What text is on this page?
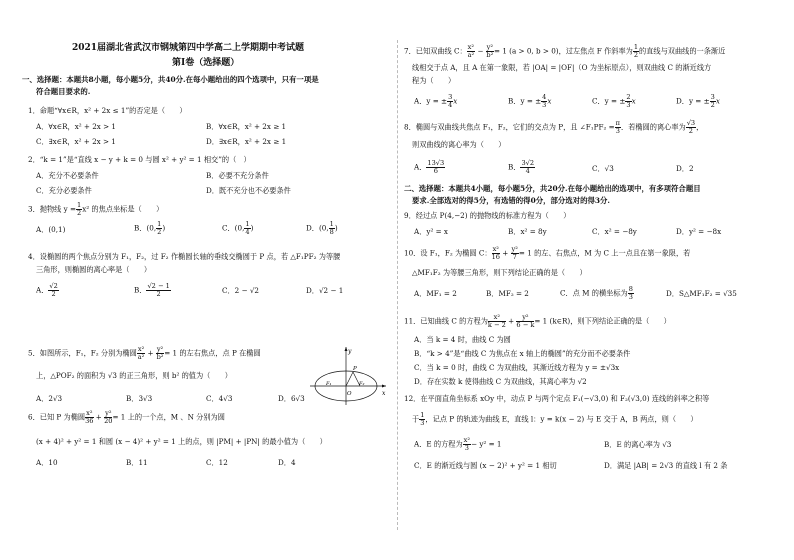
2021届湖北省武汉市钢城第四中学高二上学期期中考试题
第Ⅰ卷（选择题）
一、选择题：本题共8小题，每小题5分，共40分.在每小题给出的四个选项中，只有一项是
符合题目要求的.
1．命题“∀x∈R，x² + 2x ≤ 1”的否定是（　　）
A．∀x∈R，x² + 2x > 1	B．∀x∈R，x² + 2x ≥ 1
C．∃x∈R，x² + 2x > 1	D．∃x∈R，x² + 2x ≥ 1
2．“k = 1”是“直线 x − y + k = 0 与圆 x² + y² = 1 相交”的（　）
A．充分不必要条件	B．必要不充分条件
C．充分必要条件	D．既不充分也不必要条件
3．抛物线 $y = \frac{1}{2} x^2$ 的焦点坐标是（　　）
A．(0,1)	B．(0, $\frac{1}{2}$ )	C．(0, $\frac{1}{4}$ )	D．(0, $\frac{1}{8}$ )
4．设椭圆的两个焦点分别为 F₁，F₂，过 F₂ 作椭圆长轴的垂线交椭圆于 P 点，若 △F₁PF₂ 为等腰
三角形，则椭圆的离心率是（　　）
A． $\frac{√2}{2}$	B． $\frac{√2 - 1}{2}$	C．2 − √2	D．√2 − 1
5．如图所示，F₁，F₂ 分别为椭圆 $\frac{\text{x²}}{\text{a²}} + \frac{\text{y²}}{\text{b²}} = 1$ 的左右焦点，点 P 在椭圆
上，△POF₂ 的面积为 √3 的正三角形，则 b² 的值为（　　）
A．2√3	B．3√3	C．4√3	D．6√3
y
x
O
P
F₁	F₂
6．已知 P 为椭圆 $\frac{\text{x²}}{36} + \frac{\text{y²}}{20} = 1$ 上的一个点，M 、N 分别为圆
(x + 4)² + y² = 1 和圆 (x − 4)² + y² = 1 上的点，则 |PM| + |PN| 的最小值为（　　）
A．10	B．11	C．12	D．4
7．已知双曲线 C： $\frac{\text{x²}}{\text{a²}} - \frac{\text{y²}}{\text{b²}} = 1$ (a > 0, b > 0)，过左焦点 F 作斜率为 $\frac{1}{2}$ 的直线与双曲线的一条渐近
线相交于点 A，且 A 在第一象限，若 |OA| = |OF|（O 为坐标原点），则双曲线 C 的渐近线方
程为（　　）
A．y = ± $\frac{3}{4}$ x	B．y = ± $\frac{4}{3}$ x	C．y = ± $\frac{2}{3}$ x	D．y = ± $\frac{3}{2}$ x
8．椭圆与双曲线共焦点 F₁，F₂，它们的交点为 P，且 ∠F₁PF₂ = $\frac{\pi}{3}$ ．若椭圆的离心率为 $\frac{√3}{2}$ ，
则双曲线的离心率为（　　）
A． $\frac{13√3}{6}$	B． $\frac{3√2}{4}$	C．√3	D．2
二、选择题：本题共4小题，每小题5分，共20分.在每小题给出的选项中，有多项符合题目
要求.全部选对的得5分，有选错的得0分，部分选对的得3分.
9．经过点 P(4,−2) 的抛物线的标准方程为（　　）
A．y² = x	B．x² = 8y	C．x² = −8y	D．y² = −8x
10．设 F₁，F₂ 为椭圆 C： $\frac{\text{x²}}{16} + \frac{\text{y²}}{7} = 1$ 的左、右焦点，M 为 C 上一点且在第一象限，若
△MF₁F₂ 为等腰三角形，则下列结论正确的是（　　）
A．MF₁ = 2	B．MF₂ = 2	C．点 M 的横坐标为 $\frac{8}{3}$	D．S△MF₁F₂ = √35
11．已知曲线 C 的方程为 $\frac{\text{x²}}{k - 2} + \frac{\text{y²}}{6 - k} = 1$ (k∈R)，则下列结论正确的是（　　）
A．当 k = 4 时，曲线 C 为圆
B．“k > 4”是“曲线 C 为焦点在 x 轴上的椭圆”的充分而不必要条件
C．当 k = 0 时，曲线 C 为双曲线，其渐近线方程为 y = ±√3x
D．存在实数 k 使得曲线 C 为双曲线，其离心率为 √2
12．在平面直角坐标系 xOy 中，动点 P 与两个定点 F₁(−√3,0) 和 F₂(√3,0) 连线的斜率之积等
于 $\frac{1}{3}$ ，记点 P 的轨迹为曲线 E，直线 l：y = k(x − 2) 与 E 交于 A，B 两点，则（　　）
A．E 的方程为 $\frac{\text{x²}}{3} - y^2 = 1$	B．E 的离心率为 √3
C．E 的渐近线与圆 (x − 2)² + y² = 1 相切	D．满足 |AB| = 2√3 的直线 l 有 2 条
